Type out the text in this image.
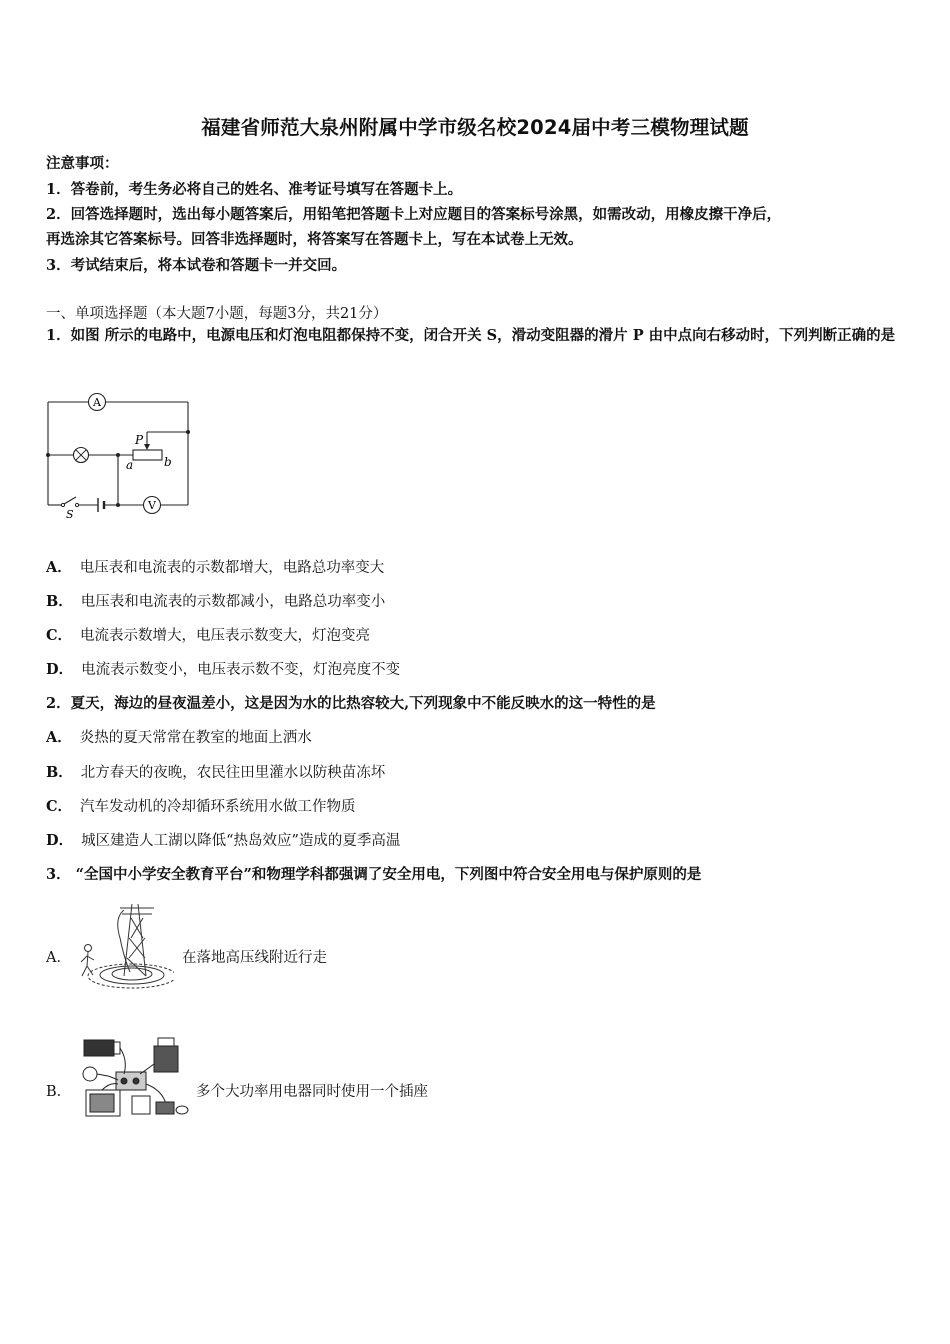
福建省师范大泉州附属中学市级名校2024届中考三模物理试题
注意事项：
1．答卷前，考生务必将自己的姓名、准考证号填写在答题卡上。
2．回答选择题时，选出每小题答案后，用铅笔把答题卡上对应题目的答案标号涂黑，如需改动，用橡皮擦干净后，
再选涂其它答案标号。回答非选择题时，将答案写在答题卡上，写在本试卷上无效。
3．考试结束后，将本试卷和答题卡一并交回。
一、单项选择题（本大题7小题，每题3分，共21分）
1．如图 所示的电路中，电源电压和灯泡电阻都保持不变，闭合开关 S，滑动变阻器的滑片 P 由中点向右移动时，下列判断正确的是
A
V
P
a	b
S
A． 电压表和电流表的示数都增大，电路总功率变大
B． 电压表和电流表的示数都减小，电路总功率变小
C． 电流表示数增大，电压表示数变大，灯泡变亮
D． 电流表示数变小，电压表示数不变，灯泡亮度不变
2．夏天，海边的昼夜温差小，这是因为水的比热容较大,下列现象中不能反映水的这一特性的是
A． 炎热的夏天常常在教室的地面上洒水
B． 北方春天的夜晚，农民往田里灌水以防秧苗冻坏
C． 汽车发动机的冷却循环系统用水做工作物质
D． 城区建造人工湖以降低“热岛效应”造成的夏季高温
3． “全国中小学安全教育平台”和物理学科都强调了安全用电，下列图中符合安全用电与保护原则的是
A．	在落地高压线附近行走
B．	多个大功率用电器同时使用一个插座
